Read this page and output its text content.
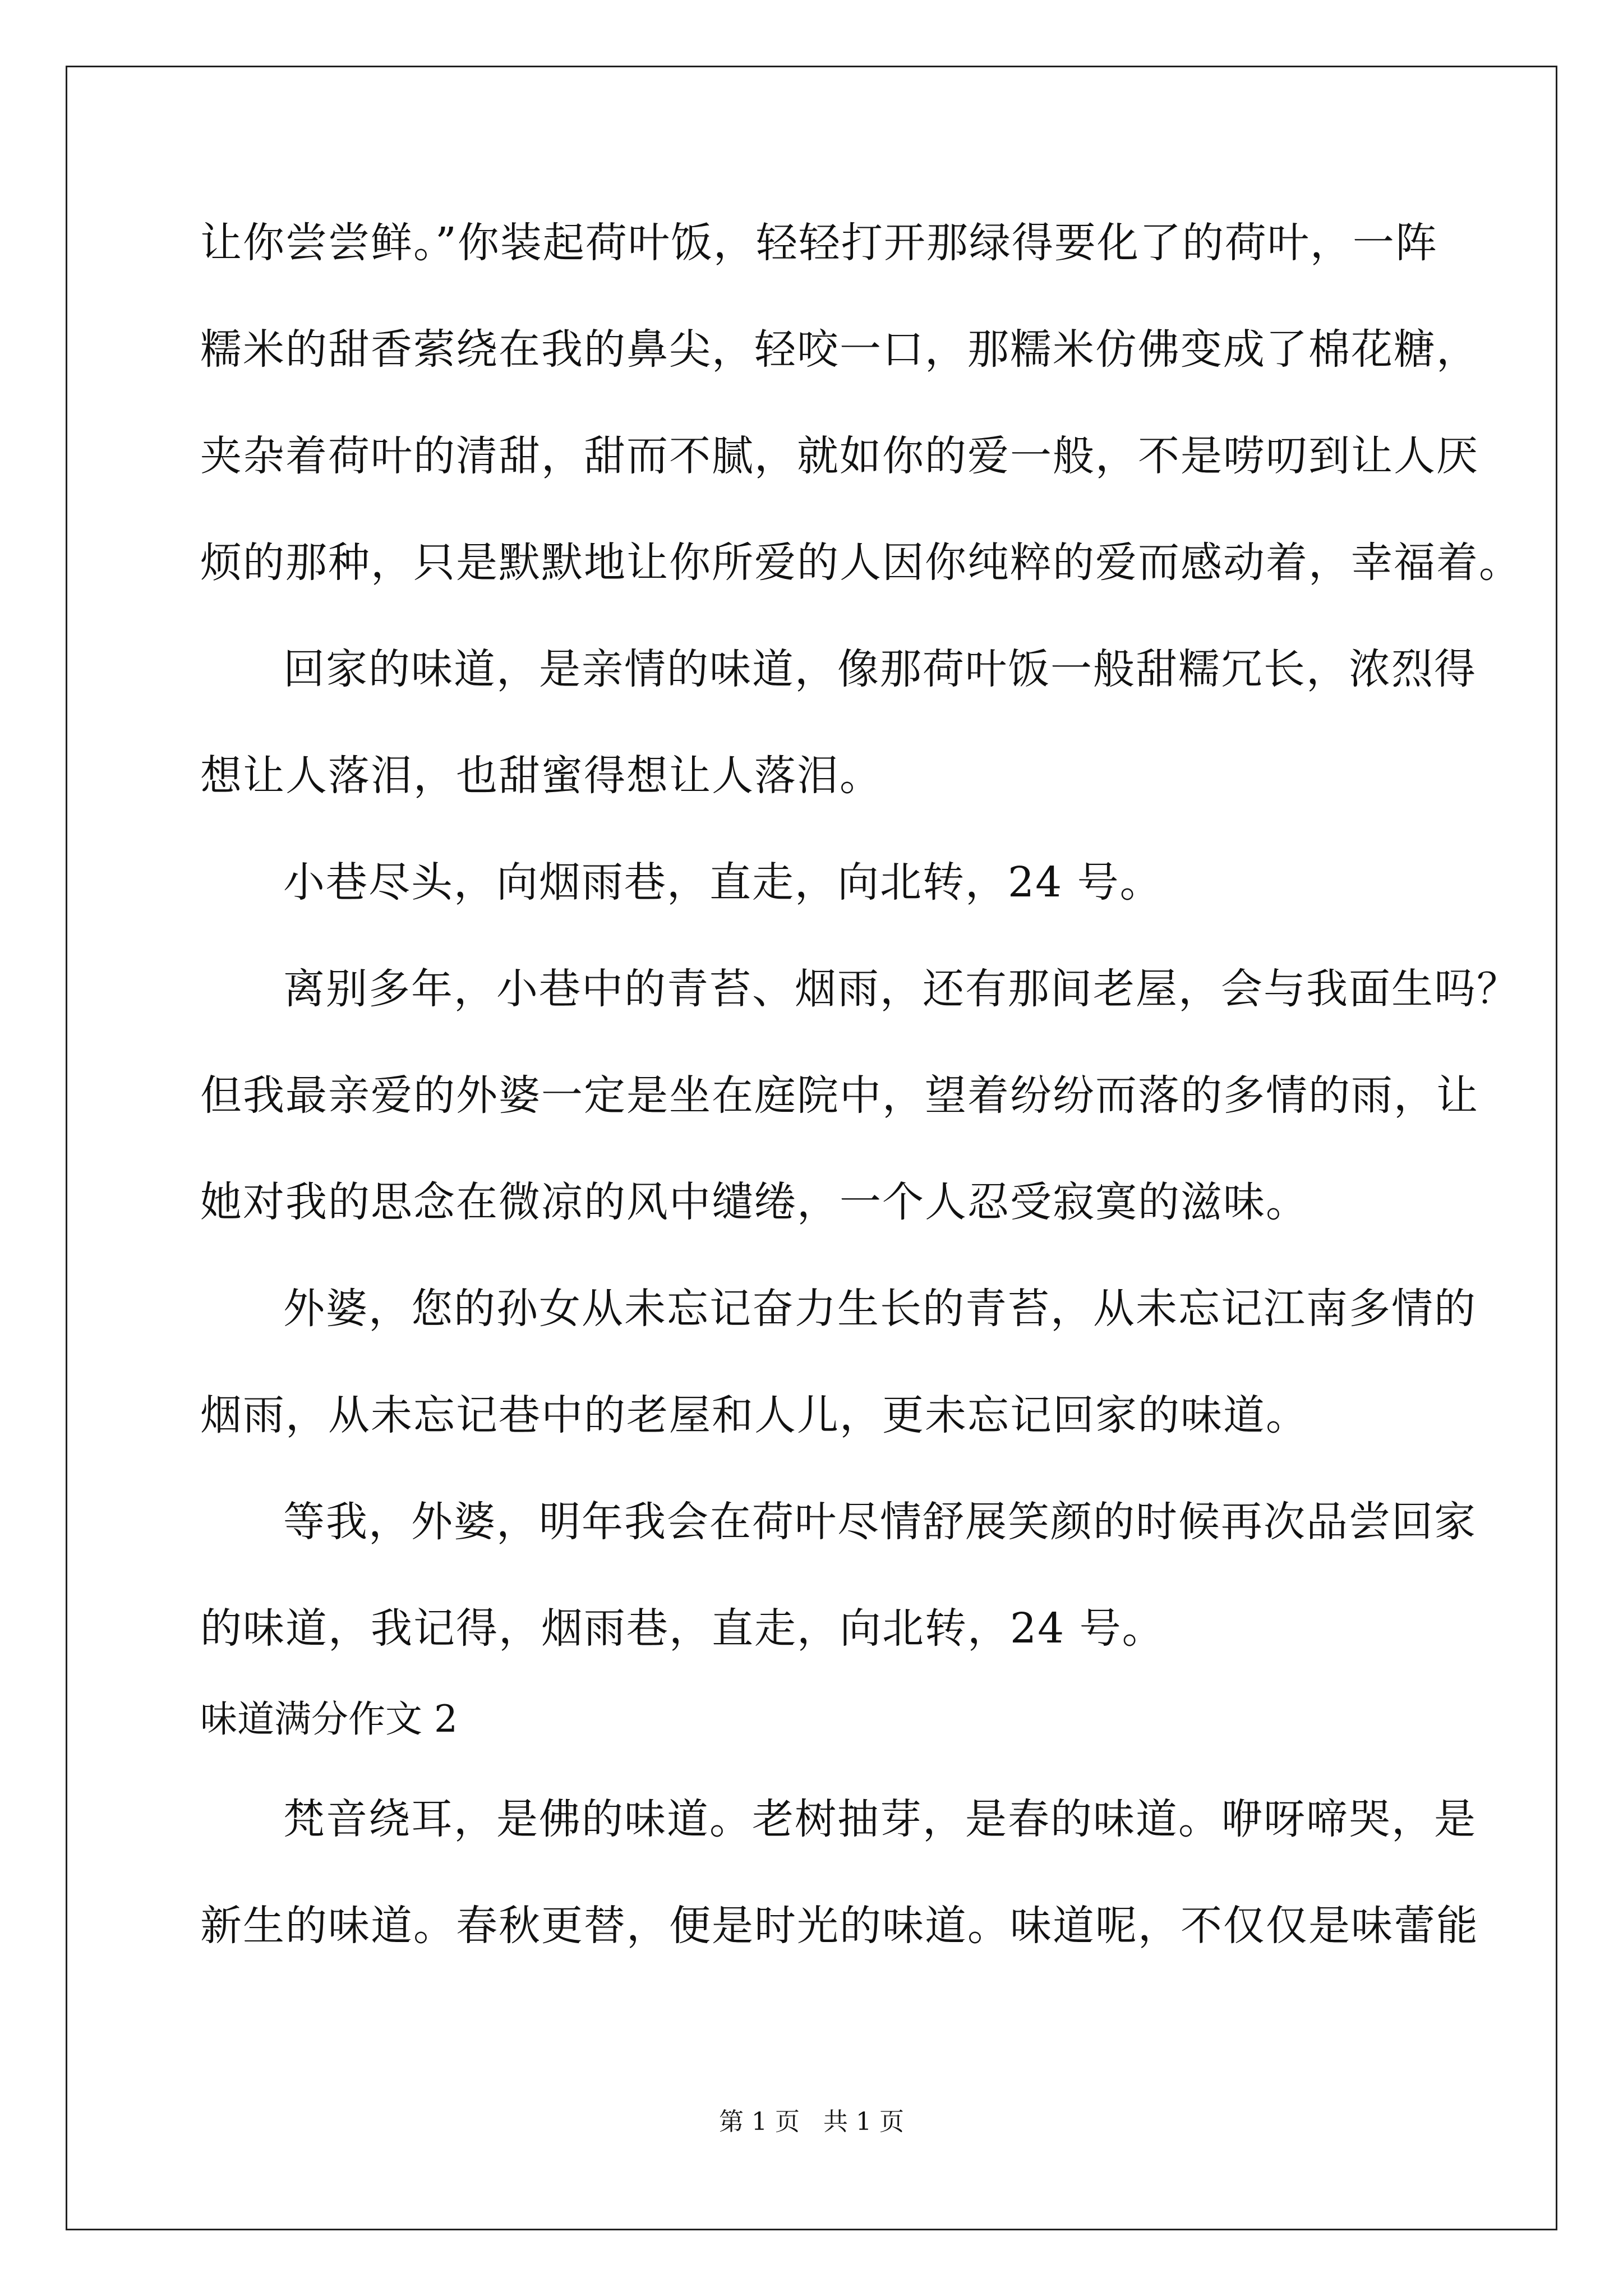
让你尝尝鲜。”你装起荷叶饭，轻轻打开那绿得要化了的荷叶，一阵
糯米的甜香萦绕在我的鼻尖，轻咬一口，那糯米仿佛变成了棉花糖，
夹杂着荷叶的清甜，甜而不腻，就如你的爱一般，不是唠叨到让人厌
烦的那种，只是默默地让你所爱的人因你纯粹的爱而感动着，幸福着。
回家的味道，是亲情的味道，像那荷叶饭一般甜糯冗长，浓烈得
想让人落泪，也甜蜜得想让人落泪。
小巷尽头，向烟雨巷，直走，向北转，24 号。
离别多年，小巷中的青苔、烟雨，还有那间老屋，会与我面生吗？
但我最亲爱的外婆一定是坐在庭院中，望着纷纷而落的多情的雨，让
她对我的思念在微凉的风中缱绻，一个人忍受寂寞的滋味。
外婆，您的孙女从未忘记奋力生长的青苔，从未忘记江南多情的
烟雨，从未忘记巷中的老屋和人儿，更未忘记回家的味道。
等我，外婆，明年我会在荷叶尽情舒展笑颜的时候再次品尝回家
的味道，我记得，烟雨巷，直走，向北转，24 号。
味道满分作文 2
梵音绕耳，是佛的味道。老树抽芽，是春的味道。咿呀啼哭，是
新生的味道。春秋更替，便是时光的味道。味道呢，不仅仅是味蕾能
第 1 页   共 1 页
